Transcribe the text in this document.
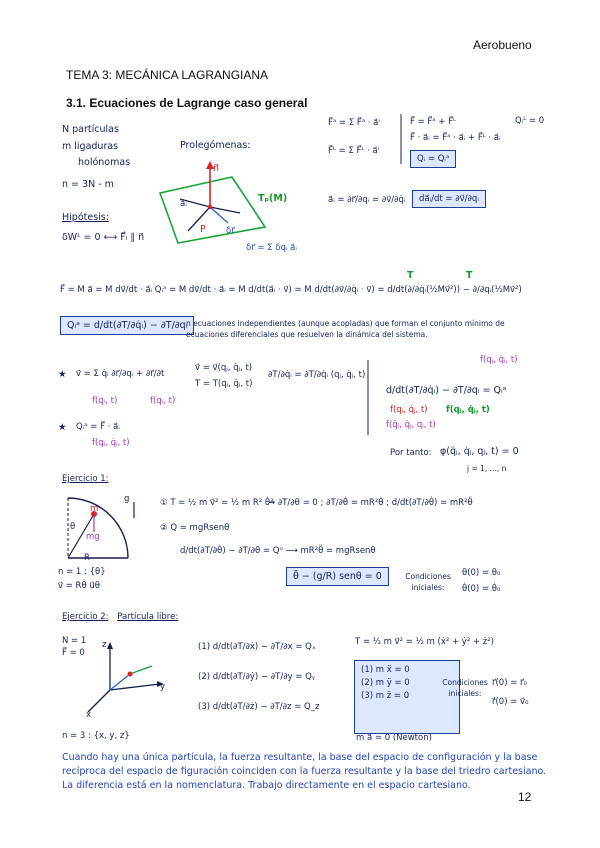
Aerobueno
TEMA 3: MECÁNICA LAGRANGIANA
3.1. Ecuaciones de Lagrange caso general
N partículas
m ligaduras
holónomas
n = 3N - m
Hipótesis:
δWᴸ = 0 ⟷ F⃗ₗ ∥ n⃗
Prolegómenas:
n⃗
Tₚ(M)
P
a⃗ᵢ
δr⃗
δr⃗ = Σ δqᵢ a⃗ᵢ
F⃗ᵃ = Σ F⃗ᵃ · a⃗ⁱ
F⃗ᴸ = Σ F⃗ᴸ · a⃗ⁱ
F⃗ = F⃗ᵃ + F⃗ᴸ
F⃗ · a⃗ᵢ = F⃗ᵃ · a⃗ᵢ + F⃗ᴸ · a⃗ᵢ
Qᵢᴸ = 0
Qᵢ = Qᵢᵃ
a⃗ᵢ = ∂r⃗/∂qᵢ = ∂v⃗/∂q̇ᵢ	da⃗ᵢ/dt = ∂v⃗/∂qᵢ
F⃗ = M a⃗ = M dv⃗/dt · a⃗ᵢ Qᵢᵃ = M dv⃗/dt · a⃗ᵢ = M d/dt(a⃗ᵢ · v⃗) = M d/dt(∂v⃗/∂q̇ᵢ · v⃗) = d/dt(∂/∂q̇ᵢ(½Mv⃗²)) − ∂/∂qᵢ(½Mv⃗²)
T	T
Qᵢᵃ = d/dt(∂T/∂q̇ᵢ) − ∂T/∂qᵢ
n ecuaciones independientes (aunque acopladas) que forman el conjunto mínimo de ecuaciones diferenciales que resuelven la dinámica del sistema.
★ v⃗ = Σ q̇ᵢ ∂r⃗/∂qᵢ + ∂r⃗/∂t
f(qᵢ, t)	f(qᵢ, t)
v⃗ = v⃗(qⱼ, q̇ⱼ, t)
T = T(qⱼ, q̇ⱼ, t)
∂T/∂q̇ᵢ = ∂T/∂q̇ᵢ (qⱼ, q̇ⱼ, t)
★ Qᵢᵃ = F⃗ · a⃗ᵢ
f(qⱼ, q̇ⱼ, t)
d/dt(∂T/∂q̇ᵢ) − ∂T/∂qᵢ = Qᵢᵃ
f(qⱼ, q̇ⱼ, t)
f(qⱼ, q̇ⱼ, t) f(qⱼ, q̇ⱼ, t)
f(q̈ⱼ, q̇ⱼ, qⱼ, t)
Por tanto: φ(q̈ⱼ, q̇ⱼ, qⱼ, t) = 0
j = 1, ..., n
Ejercicio 1:
m
g
θ
mg
R
n = 1 : {θ}
v⃗ = Rθ̇ u⃗θ
① T = ½ m v⃗² = ½ m R² θ̇²
→ ∂T/∂θ = 0 ; ∂T/∂θ̇ = mR²θ̇ ; d/dt(∂T/∂θ̇) = mR²θ̈
② Q = mgRsenθ
d/dt(∂T/∂θ̇) − ∂T/∂θ = Qᵅ ⟶ mR²θ̈ = mgRsenθ
θ̈ − (g/R) senθ = 0	Condiciones iniciales:
θ(0) = θ₀
θ̇(0) = θ̇₀
Ejercicio 2: Partícula libre:
N = 1
F⃗ = 0
z
y
x
n = 3 : {x, y, z}
(1) d/dt(∂T/∂ẋ) − ∂T/∂x = Qₓ
(2) d/dt(∂T/∂ẏ) − ∂T/∂y = Qᵧ
(3) d/dt(∂T/∂ż) − ∂T/∂z = Q_z
T = ½ m v⃗² = ½ m (ẋ² + ẏ² + ż²)
(1) m ẍ = 0
(2) m ÿ = 0
(3) m z̈ = 0
m a⃗ = 0 (Newton)
Condiciones iniciales:
r⃗(0) = r⃗₀
ṙ⃗(0) = v⃗₀
Cuando hay una única partícula, la fuerza resultante, la base del espacio de configuración y la base recíproca del espacio de figuración coinciden con la fuerza resultante y la base del triedro cartesiano. La diferencia está en la nomenclatura. Trabajo directamente en el espacio cartesiano.
12
